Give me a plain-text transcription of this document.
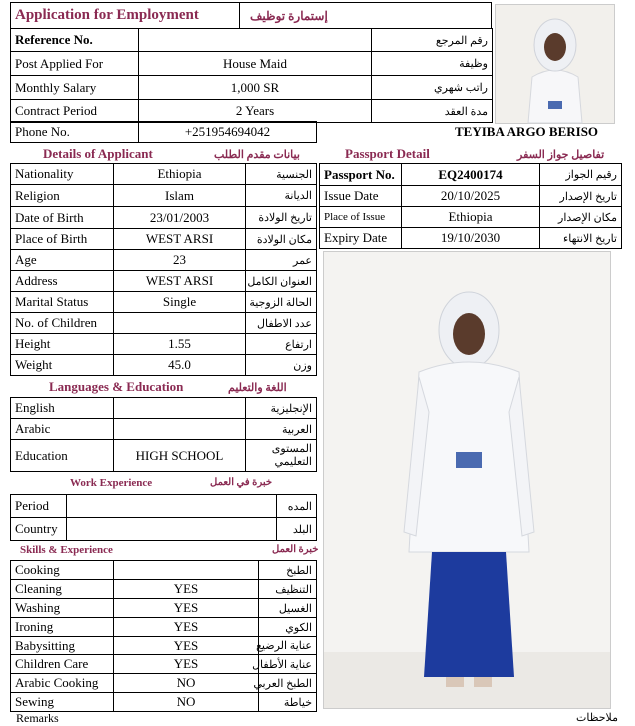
Application for Employment	إستمارة توظيف
Reference No.		رقم المرجع
Post Applied For	House Maid	وظيفة
Monthly Salary	1,000 SR	راتب شهري
Contract Period	2 Years	مدة العقد
Phone No.	+251954694042	TEYIBA ARGO BERISO
Details of Applicant	بيانات مقدم الطلب
Nationality	Ethiopia	الجنسية
Religion	Islam	الديانة
Date of Birth	23/01/2003	تاريخ الولادة
Place of Birth	WEST ARSI	مكان الولادة
Age	23	عمر
Address	WEST ARSI	العنوان الكامل
Marital Status	Single	الحالة الزوجية
No. of Children		عدد الاطفال
Height	1.55	ارتفاع
Weight	45.0	وزن
Passport Detail	تفاصيل جواز السفر
Passport No.	EQ2400174	رقيم الجواز
Issue Date	20/10/2025	تاريخ الإصدار
Place of Issue	Ethiopia	مكان الإصدار
Expiry Date	19/10/2030	تاريخ الانتهاء
Languages & Education	اللغة والتعليم
English		الإنجليزية
Arabic		العربية
Education	HIGH SCHOOL	المستوى التعليمي
Work Experience	خبرة في العمل
Period		المده
Country		البلد
Skills & Experience	خبرة العمل
Cooking		الطبخ
Cleaning	YES	التنظيف
Washing	YES	الغسيل
Ironing	YES	الكوي
Babysitting	YES	عناية الرضيع
Children Care	YES	عناية الأطفال
Arabic Cooking	NO	الطبخ العربي
Sewing	NO	خياطة
Remarks	ملاحظات
